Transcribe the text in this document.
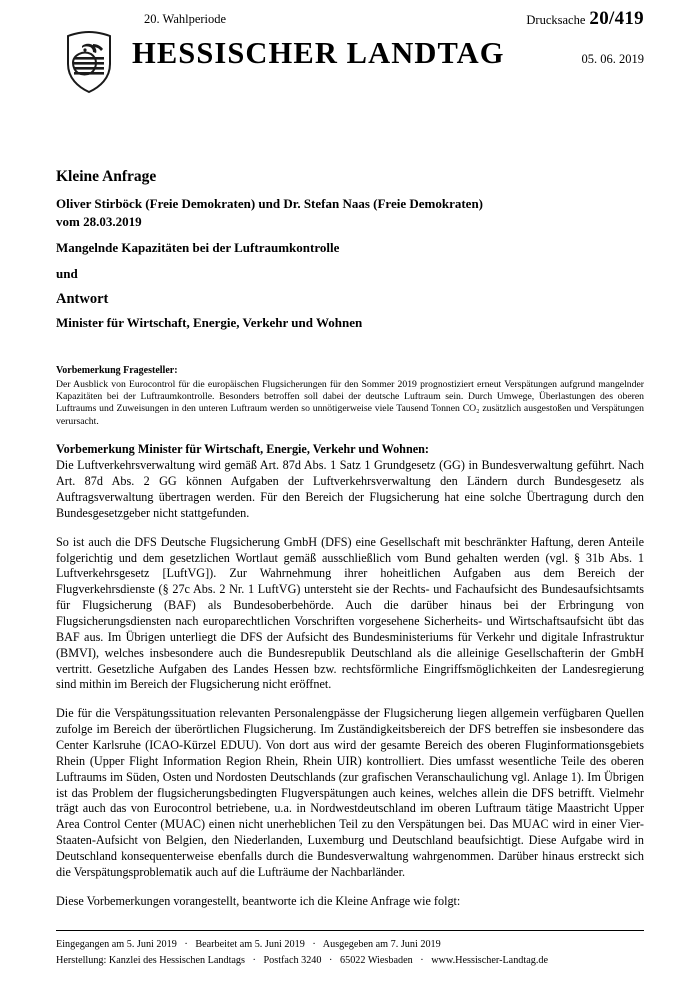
20. Wahlperiode	Drucksache 20/419
HESSISCHER LANDTAG	05. 06. 2019
Kleine Anfrage
Oliver Stirböck (Freie Demokraten) und Dr. Stefan Naas (Freie Demokraten)
vom 28.03.2019
Mangelnde Kapazitäten bei der Luftraumkontrolle
und
Antwort
Minister für Wirtschaft, Energie, Verkehr und Wohnen
Vorbemerkung Fragesteller:

Der Ausblick von Eurocontrol für die europäischen Flugsicherungen für den Sommer 2019 prognostiziert erneut Verspätungen aufgrund mangelnder Kapazitäten bei der Luftraumkontrolle. Besonders betroffen soll dabei der deutsche Luftraum sein. Durch Umwege, Überlastungen des oberen Luftraums und Zuweisungen in den unteren Luftraum werden so unnötigerweise viele Tausend Tonnen CO₂ zusätzlich ausgestoßen und Verspätungen verursacht.

Vorbemerkung Minister für Wirtschaft, Energie, Verkehr und Wohnen:

Die Luftverkehrsverwaltung wird gemäß Art. 87d Abs. 1 Satz 1 Grundgesetz (GG) in Bundesverwaltung geführt. Nach Art. 87d Abs. 2 GG können Aufgaben der Luftverkehrsverwaltung den Ländern durch Bundesgesetz als Auftragsverwaltung übertragen werden. Für den Bereich der Flugsicherung hat eine solche Übertragung durch den Bundesgesetzgeber nicht stattgefunden.

So ist auch die DFS Deutsche Flugsicherung GmbH (DFS) eine Gesellschaft mit beschränkter Haftung, deren Anteile folgerichtig und dem gesetzlichen Wortlaut gemäß ausschließlich vom Bund gehalten werden (vgl. § 31b Abs. 1 Luftverkehrsgesetz [LuftVG]). Zur Wahrnehmung ihrer hoheitlichen Aufgaben aus dem Bereich der Flugverkehrsdienste (§ 27c Abs. 2 Nr. 1 LuftVG) untersteht sie der Rechts- und Fachaufsicht des Bundesaufsichtsamts für Flugsicherung (BAF) als Bundesoberbehörde. Auch die darüber hinaus bei der Erbringung von Flugsicherungsdiensten nach europarechtlichen Vorschriften vorgesehene Sicherheits- und Wirtschaftsaufsicht übt das BAF aus. Im Übrigen unterliegt die DFS der Aufsicht des Bundesministeriums für Verkehr und digitale Infrastruktur (BMVI), welches insbesondere auch die Bundesrepublik Deutschland als die alleinige Gesellschafterin der GmbH vertritt. Gesetzliche Aufgaben des Landes Hessen bzw. rechtsförmliche Eingriffsmöglichkeiten der Landesregierung sind mithin im Bereich der Flugsicherung nicht eröffnet.

Die für die Verspätungssituation relevanten Personalengpässe der Flugsicherung liegen allgemein verfügbaren Quellen zufolge im Bereich der überörtlichen Flugsicherung. Im Zuständigkeitsbereich der DFS betreffen sie insbesondere das Center Karlsruhe (ICAO-Kürzel EDUU). Von dort aus wird der gesamte Bereich des oberen Fluginformationsgebiets Rhein (Upper Flight Information Region Rhein, Rhein UIR) kontrolliert. Dies umfasst wesentliche Teile des oberen Luftraums im Süden, Osten und Nordosten Deutschlands (zur grafischen Veranschaulichung vgl. Anlage 1). Im Übrigen ist das Problem der flugsicherungsbedingten Flugverspätungen auch keines, welches allein die DFS betrifft. Vielmehr trägt auch das von Eurocontrol betriebene, u.a. in Nordwestdeutschland im oberen Luftraum tätige Maastricht Upper Area Control Center (MUAC) einen nicht unerheblichen Teil zu den Verspätungen bei. Das MUAC wird in einer Vier-Staaten-Aufsicht von Belgien, den Niederlanden, Luxemburg und Deutschland beaufsichtigt. Diese Aufgabe wird in Deutschland konsequenterweise ebenfalls durch die Bundesverwaltung wahrgenommen. Darüber hinaus erstreckt sich die Verspätungsproblematik auch auf die Lufträume der Nachbarländer.

Diese Vorbemerkungen vorangestellt, beantworte ich die Kleine Anfrage wie folgt:

Eingegangen am 5. Juni 2019 · Bearbeitet am 5. Juni 2019 · Ausgegeben am 7. Juni 2019
Herstellung: Kanzlei des Hessischen Landtags · Postfach 3240 · 65022 Wiesbaden · www.Hessischer-Landtag.de
